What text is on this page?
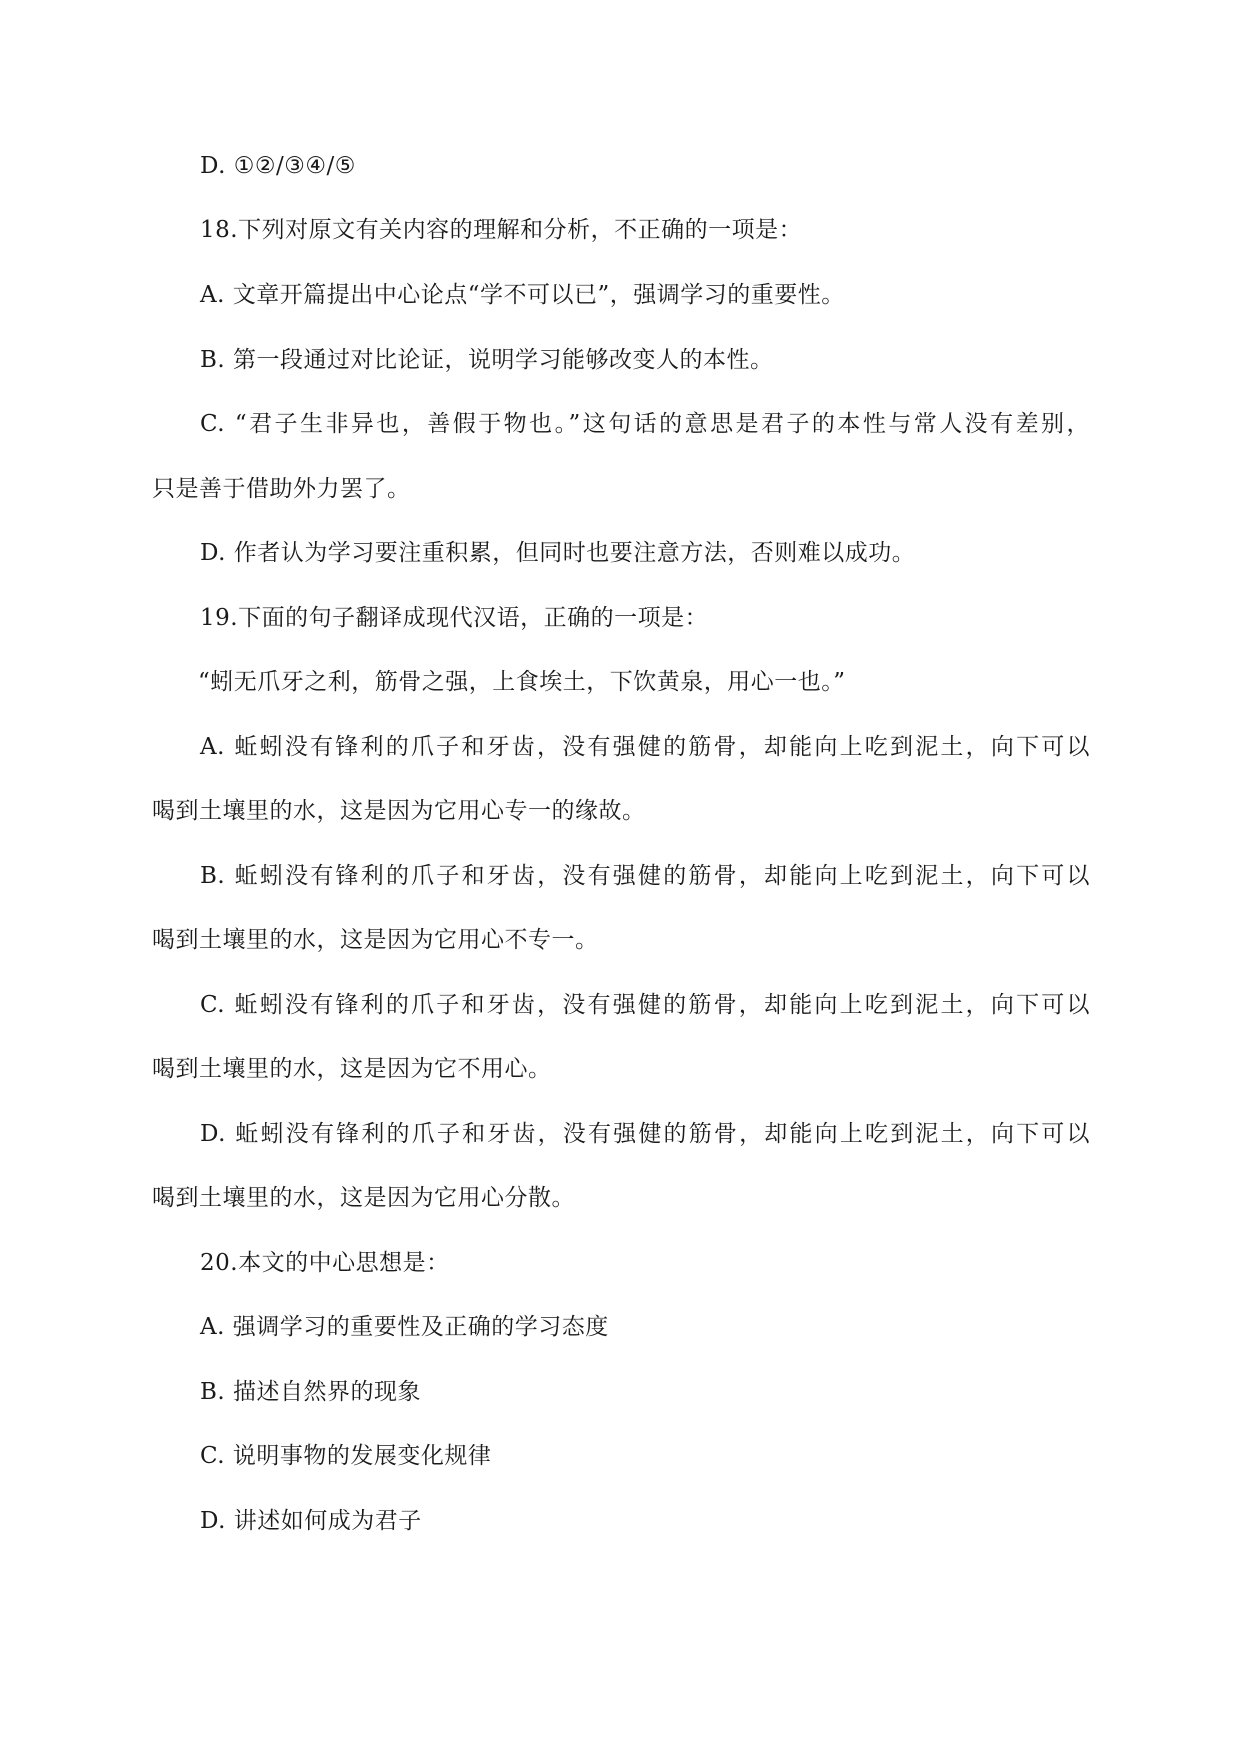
D. ①②/③④/⑤
18.下列对原文有关内容的理解和分析，不正确的一项是：
A. 文章开篇提出中心论点“学不可以已”，强调学习的重要性。
B. 第一段通过对比论证，说明学习能够改变人的本性。
C. “君子生非异也，善假于物也。”这句话的意思是君子的本性与常人没有差别，
只是善于借助外力罢了。
D. 作者认为学习要注重积累，但同时也要注意方法，否则难以成功。
19.下面的句子翻译成现代汉语，正确的一项是：
“蚓无爪牙之利，筋骨之强，上食埃土，下饮黄泉，用心一也。”
A. 蚯蚓没有锋利的爪子和牙齿，没有强健的筋骨，却能向上吃到泥土，向下可以
喝到土壤里的水，这是因为它用心专一的缘故。
B. 蚯蚓没有锋利的爪子和牙齿，没有强健的筋骨，却能向上吃到泥土，向下可以
喝到土壤里的水，这是因为它用心不专一。
C. 蚯蚓没有锋利的爪子和牙齿，没有强健的筋骨，却能向上吃到泥土，向下可以
喝到土壤里的水，这是因为它不用心。
D. 蚯蚓没有锋利的爪子和牙齿，没有强健的筋骨，却能向上吃到泥土，向下可以
喝到土壤里的水，这是因为它用心分散。
20.本文的中心思想是：
A. 强调学习的重要性及正确的学习态度
B. 描述自然界的现象
C. 说明事物的发展变化规律
D. 讲述如何成为君子
